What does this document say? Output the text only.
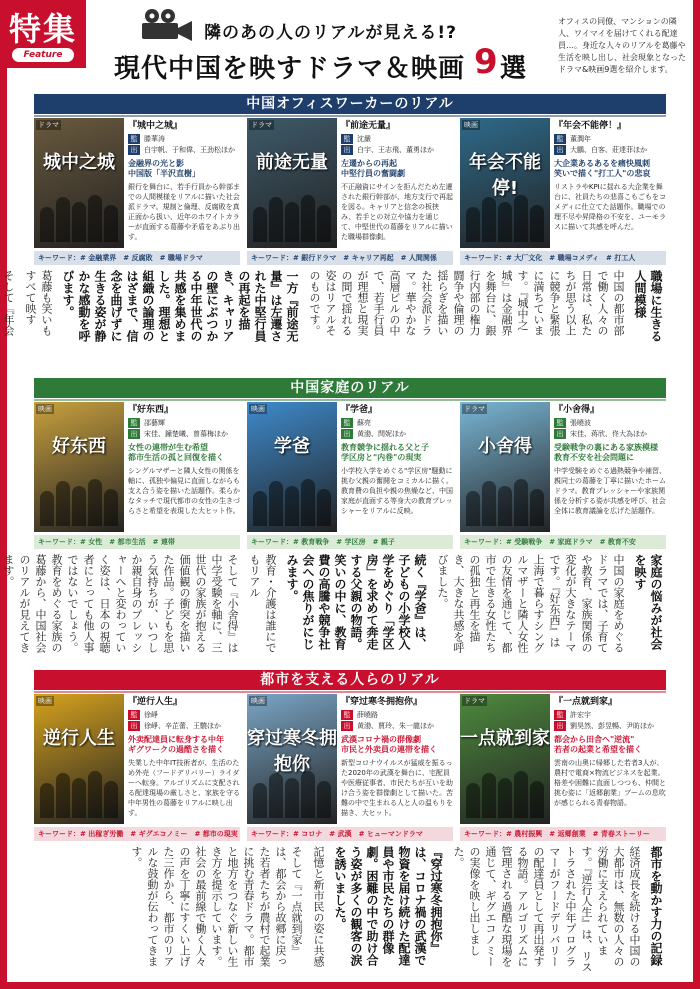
特集
Feature
隣のあの人のリアルが見える!?
現代中国を映すドラマ＆映画 9 選
オフィスの同僚、マンションの隣人、ワイマイを届けてくれる配達員…。身近な人々のリアルを葛藤や生活を映し出し、社会現象となったドラマ&映画9選を紹介します。
中国オフィスワーカーのリアル
ドラマ
城中之城
『城中之城』
監 滕華涛
出 白宇帆、于和偉、王劲松ほか
金融界の光と影
中国版「半沢直樹」
銀行を舞台に、若手行員から幹部までの人間模様をリアルに描いた社会派ドラマ。規制と倫理、反腐敗を真正面から扱い、近年のホワイトカラーが直面する葛藤や矛盾をあぶり出す。
キーワード：# 金融業界　# 反腐敗　# 職場ドラマ
ドラマ
前途无量
『前途无量』
監 沈嚴
出 白宇、王志飛、董勇ほか
左遷からの再起
中堅行員の奮闘劇
不正融資にサインを拒んだため左遷された銀行幹部が、地方支行で再起を図る。キャリアと信念の板挟み、若手との対立や協力を通じて、中堅世代の葛藤をリアルに描いた職場群像劇。
キーワード：# 銀行ドラマ　# キャリア再起　# 人間関係
映画
年会不能停!
『年会不能停！』
監 董潤年
出 大鵬、白客、莊達菲ほか
大企業あるあるを痛快風刺
笑いで描く"打工人"の悲哀
リストラやKPIに揺れる大企業を舞台に、社員たちの悲喜こもごもをコメディに仕立てた話題作。職場での理不尽や昇降格の不安を、ユーモラスに描いて共感を呼んだ。
キーワード：# 大厂文化　# 職場コメディ　# 打工人
職場に生きる人間模様
中国の都市部で働く人々の日常は、私たちが思う以上に競争と緊張に満ちています。『城中之城』は金融界を舞台に、銀行内部の権力闘争や倫理の揺らぎを描いた社会派ドラマ。華やかな高層ビルの中で、若手行員が理想と現実の間で揺れる姿はリアルそのものです。
一方『前途无量』は左遷された中堅行員の再起を描き、キャリアの壁にぶつかる中年世代の共感を集めました。理想と組織の論理のはざまで、信念を曲げずに生きる姿が静かな感動を呼びます。
葛藤も笑いもすべて映す
そして『年会
中国家庭のリアル
映画
好东西
『好东西』
監 邵藝輝
出 宋佳、鐘楚曦、曾慕梅ほか
女性の連帯が生む希望
都市生活の孤と回復を描く
シングルマザーと隣人女性の関係を軸に、孤独や偏見に直面しながらも支え合う姿を描いた話題作。柔らかなタッチで現代都市の女性の生きづらさと希望を表現した大ヒット作。
キーワード：# 女性　# 都市生活　# 連帯
映画
学爸
『学爸』
監 蘇亮
出 黄渤、閆妮ほか
教育競争に揺れる父と子
学区房と"内巻"の現実
小学校入学をめぐる"学区房"騒動に挑む父親の奮闘をコミカルに描く。教育費の負担や親の焦燥など、中国家庭が直面する等身大の教育プレッシャーをリアルに反映。
キーワード：# 教育戦争　# 学区房　# 親子
ドラマ
小舍得
『小舍得』
監 張曉波
出 宋佳、蒋欣、佟大為ほか
受験戦争の裏にある家族模様
教育不安を社会問題に
中学受験をめぐる過熱競争や補習、親同士の葛藤を丁寧に描いたホームドラマ。教育プレッシャーや家族関係を分析する姿が共感を呼び、社会全体に教育議論を広げた話題作。
キーワード：# 受験戦争　# 家庭ドラマ　# 教育不安
家庭の悩みが社会を映す
中国の家庭をめぐるドラマでは、子育てや教育、家族関係の変化が大きなテーマです。『好东西』は上海で暮らすシングルマザーと隣人女性の友情を通じて、都市で生きる女性たちの孤独と再生を描き、大きな共感を呼びました。
続く『学爸』は、子どもの小学校入学をめぐり「学区房」を求めて奔走する父親の物語。笑いの中に、教育費の高騰や競争社会への焦りがにじみます。
教育・介護は誰にでもリアル
そして『小舍得』は中学受験を軸に、三世代の家族が抱える価値観の衝突を描いた作品。子どもを思う気持ちが、いつしか親自身のプレッシャーへと変わっていく姿は、日本の視聴者にとっても他人事ではないでしょう。教育をめぐる家族の葛藤から、中国社会のリアルが見えてきます。
都市を支える人らのリアル
映画
逆行人生
『逆行人生』
監 徐崢
出 徐崢、辛芷蕾、王驍ほか
外卖配達員に転身する中年
ギグワークの過酷さを描く
失業した中年IT技術者が、生活のため外売（フードデリバリー）ライダーへ転身。アルゴリズムに支配される配達現場の厳しさと、家族を守る中年男性の葛藤をリアルに映し出す。
キーワード：# 出稼ぎ労働　# ギグエコノミー　# 都市の現実
映画
穿过寒冬拥抱你
『穿过寒冬拥抱你』
監 薛曉路
出 黄渤、賈玲、朱一龍ほか
武漢コロナ禍の群像劇
市民と外卖員の連帯を描く
新型コロナウイルスが猛威を振るった2020年の武漢を舞台に、宅配員や医療従事者、市民たちが互いを助け合う姿を群像劇として描いた。苦難の中で生まれる人と人の温もりを描き、大ヒット。
キーワード：# コロナ　# 武漢　# ヒューマンドラマ
ドラマ
一点就到家
『一点就到家』
監 許宏宇
出 劉昊然、彭昱暢、尹昉ほか
都会から田舎へ"逆流"
若者の起業と希望を描く
雲南の山奥に帰郷した若者3人が、農村で電商×物流ビジネスを起業。格差や困難に直面しつつも、仲間と挑む姿に「返郷創業」ブームの息吹が感じられる青春物語。
キーワード：# 農村振興　# 返郷創業　# 青春ストーリー
都市を動かす力の記録
経済成長を続ける中国の大都市は、無数の人々の労働に支えられています。『逆行人生』は、リストラされた中年プログラマーがフードデリバリーの配達員として再出発する物語。アルゴリズムに管理される過酷な現場を通じて、ギグエコノミーの実像を映し出しました。
『穿过寒冬拥抱你』は、コロナ禍の武漢で物資を届け続けた配達員や市民たちの群像劇。困難の中で助け合う姿が多くの観客の涙を誘いました。
記憶と新市民の姿に共感
そして『一点就到家』は、都会から故郷に戻った若者たちが農村で起業に挑む青春ドラマ。都市と地方をつなぐ新しい生き方を提示しています。社会の最前線で働く人々の声を丁寧にすくい上げた三作から、都市のリアルな鼓動が伝わってきます。
